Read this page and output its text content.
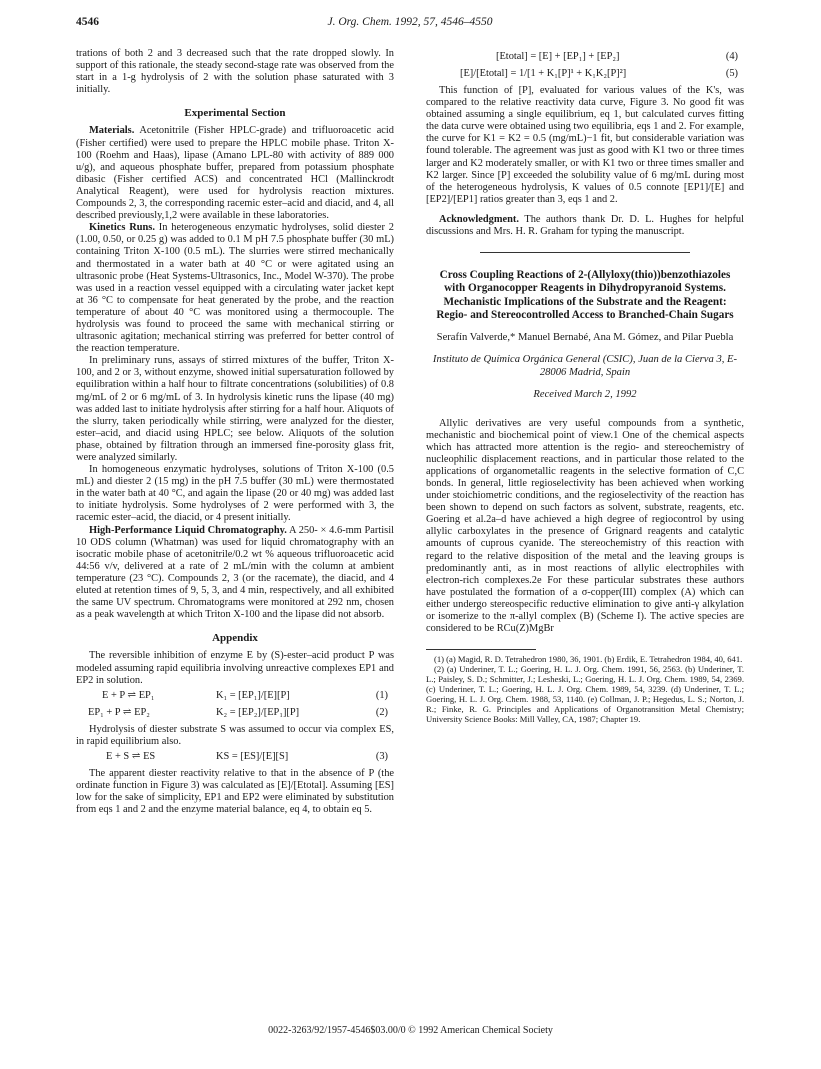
4546	J. Org. Chem. 1992, 57, 4546–4550

trations of both 2 and 3 decreased such that the rate dropped slowly. In support of this rationale, the steady second-stage rate was observed from the start in a 1-g hydrolysis of 2 with the solution phase saturated with 3 initially.

Experimental Section

Materials. Acetonitrile (Fisher HPLC-grade) and trifluoroacetic acid (Fisher certified) were used to prepare the HPLC mobile phase. Triton X-100 (Roehm and Haas), lipase (Amano LPL-80 with activity of 889 000 u/g), and aqueous phosphate buffer, prepared from potassium phosphate dibasic (Fisher certified ACS) and concentrated HCl (Mallinckrodt Analytical Reagent), were used for hydrolysis reaction mixtures. Compounds 2, 3, the corresponding racemic ester–acid and diacid, and 4, all described previously,1,2 were available in these laboratories.

Kinetics Runs. In heterogeneous enzymatic hydrolyses, solid diester 2 (1.00, 0.50, or 0.25 g) was added to 0.1 M pH 7.5 phosphate buffer (30 mL) containing Triton X-100 (0.5 mL). The slurries were stirred mechanically and thermostated in a water bath at 40 °C or were agitated using an ultrasonic probe (Heat Systems-Ultrasonics, Inc., Model W-370). The probe was used in a reaction vessel equipped with a circulating water jacket kept at 36 °C to compensate for heat generated by the probe, and the reaction temperature of about 40 °C was monitored using a thermocouple. The hydrolysis was found to proceed the same with mechanical stirring or ultrasonic agitation; mechanical stirring was preferred for better control of the reaction temperature.

In preliminary runs, assays of stirred mixtures of the buffer, Triton X-100, and 2 or 3, without enzyme, showed initial supersaturation followed by equilibration within a half hour to filtrate concentrations (solubilities) of 0.8 mg/mL of 2 or 6 mg/mL of 3. In hydrolysis kinetic runs the lipase (40 mg) was added last to initiate hydrolysis after stirring for a half hour. Aliquots of the slurry, taken periodically while stirring, were analyzed for the diester, ester–acid, and diacid using HPLC; see below. Aliquots of the solution phase, obtained by filtration through an immersed fine-porosity glass frit, were analyzed similarly.

In homogeneous enzymatic hydrolyses, solutions of Triton X-100 (0.5 mL) and diester 2 (15 mg) in the pH 7.5 buffer (30 mL) were thermostated in the water bath at 40 °C, and again the lipase (20 or 40 mg) was added last to initiate hydrolysis. Some hydrolyses of 2 were performed with 3, the racemic ester–acid, the diacid, or 4 present initially.

High-Performance Liquid Chromatography. A 250- × 4.6-mm Partisil 10 ODS column (Whatman) was used for liquid chromatography with an isocratic mobile phase of acetonitrile/0.2 wt % aqueous trifluoroacetic acid 44:56 v/v, delivered at a rate of 2 mL/min with the column at ambient temperature (23 °C). Compounds 2, 3 (or the racemate), the diacid, and 4 eluted at retention times of 9, 5, 3, and 4 min, respectively, and all exhibited the same UV spectrum. Chromatograms were monitored at 292 nm, chosen as a peak wavelength at which Triton X-100 and the lipase did not absorb.

Appendix

The reversible inhibition of enzyme E by (S)-ester–acid product P was modeled assuming rapid equilibria involving unreactive complexes EP1 and EP2 in solution.

E + P ⇌ EP₁	K₁ = [EP₁]/[E][P]	(1)
EP₁ + P ⇌ EP₂	K₂ = [EP₂]/[EP₁][P]	(2)

Hydrolysis of diester substrate S was assumed to occur via complex ES, in rapid equilibrium also.

E + S ⇌ ES	KS = [ES]/[E][S]	(3)

The apparent diester reactivity relative to that in the absence of P (the ordinate function in Figure 3) was calculated as [E]/[Etotal]. Assuming [ES] low for the sake of simplicity, EP1 and EP2 were eliminated by substitution from eqs 1 and 2 and the enzyme material balance, eq 4, to obtain eq 5.

[Etotal] = [E] + [EP₁] + [EP₂]	(4)
[E]/[Etotal] = 1/[1 + K₁[P]¹ + K₁K₂[P]²]	(5)

This function of [P], evaluated for various values of the K's, was compared to the relative reactivity data curve, Figure 3. No good fit was obtained assuming a single equilibrium, eq 1, but calculated curves fitting the data curve were obtained using two equilibria, eqs 1 and 2. For example, the curve for K1 = K2 = 0.5 (mg/mL)−1 fit, but considerable variation was found tolerable. The agreement was just as good with K1 two or three times larger and K2 moderately smaller, or with K1 two or three times smaller and K2 larger. Since [P] exceeded the solubility value of 6 mg/mL during most of the heterogeneous hydrolysis, K values of 0.5 connote [EP1]/[E] and [EP2]/[EP1] ratios greater than 3, eqs 1 and 2.

Acknowledgment. The authors thank Dr. D. L. Hughes for helpful discussions and Mrs. H. R. Graham for typing the manuscript.

Cross Coupling Reactions of 2-(Allyloxy(thio))benzothiazoles with Organocopper Reagents in Dihydropyranoid Systems. Mechanistic Implications of the Substrate and the Reagent: Regio- and Stereocontrolled Access to Branched-Chain Sugars
Serafín Valverde,* Manuel Bernabé, Ana M. Gómez, and Pilar Puebla
Instituto de Química Orgánica General (CSIC), Juan de la Cierva 3, E-28006 Madrid, Spain
Received March 2, 1992

Allylic derivatives are very useful compounds from a synthetic, mechanistic and biochemical point of view.1 One of the chemical aspects which has attracted more attention is the regio- and stereochemistry of nucleophilic displacement reactions, and in particular those related to the applications of organometallic reagents in the selective formation of C,C bonds. In general, little regioselectivity has been achieved when working under stoichiometric conditions, and the regioselectivity of the reaction has been shown to depend on such factors as solvent, substrate, reagents, etc. Goering et al.2a–d have achieved a high degree of regiocontrol by using allylic carboxylates in the presence of Grignard reagents and catalytic amounts of cuprous cyanide. The stereochemistry of this reaction with regard to the relative disposition of the metal and the leaving groups is predominantly anti, as in most reactions of allylic electrophiles with electron-rich complexes.2e For these particular substrates these authors have postulated the formation of a σ-copper(III) complex (A) which can either undergo stereospecific reductive elimination to give anti-γ alkylation or isomerize to the π-allyl complex (B) (Scheme I). The active species are considered to be RCu(Z)MgBr

(1) (a) Magid, R. D. Tetrahedron 1980, 36, 1901. (b) Erdik, E. Tetrahedron 1984, 40, 641.
(2) (a) Underiner, T. L.; Goering, H. L. J. Org. Chem. 1991, 56, 2563. (b) Underiner, T. L.; Paisley, S. D.; Schmitter, J.; Lesheski, L.; Goering, H. L. J. Org. Chem. 1989, 54, 2369. (c) Underiner, T. L.; Goering, H. L. J. Org. Chem. 1989, 54, 3239. (d) Underiner, T. L.; Goering, H. L. J. Org. Chem. 1988, 53, 1140. (e) Collman, J. P.; Hegedus, L. S.; Norton, J. R.; Finke, R. G. Principles and Applications of Organotransition Metal Chemistry; University Science Books: Mill Valley, CA, 1987; Chapter 19.
0022-3263/92/1957-4546$03.00/0 © 1992 American Chemical Society
